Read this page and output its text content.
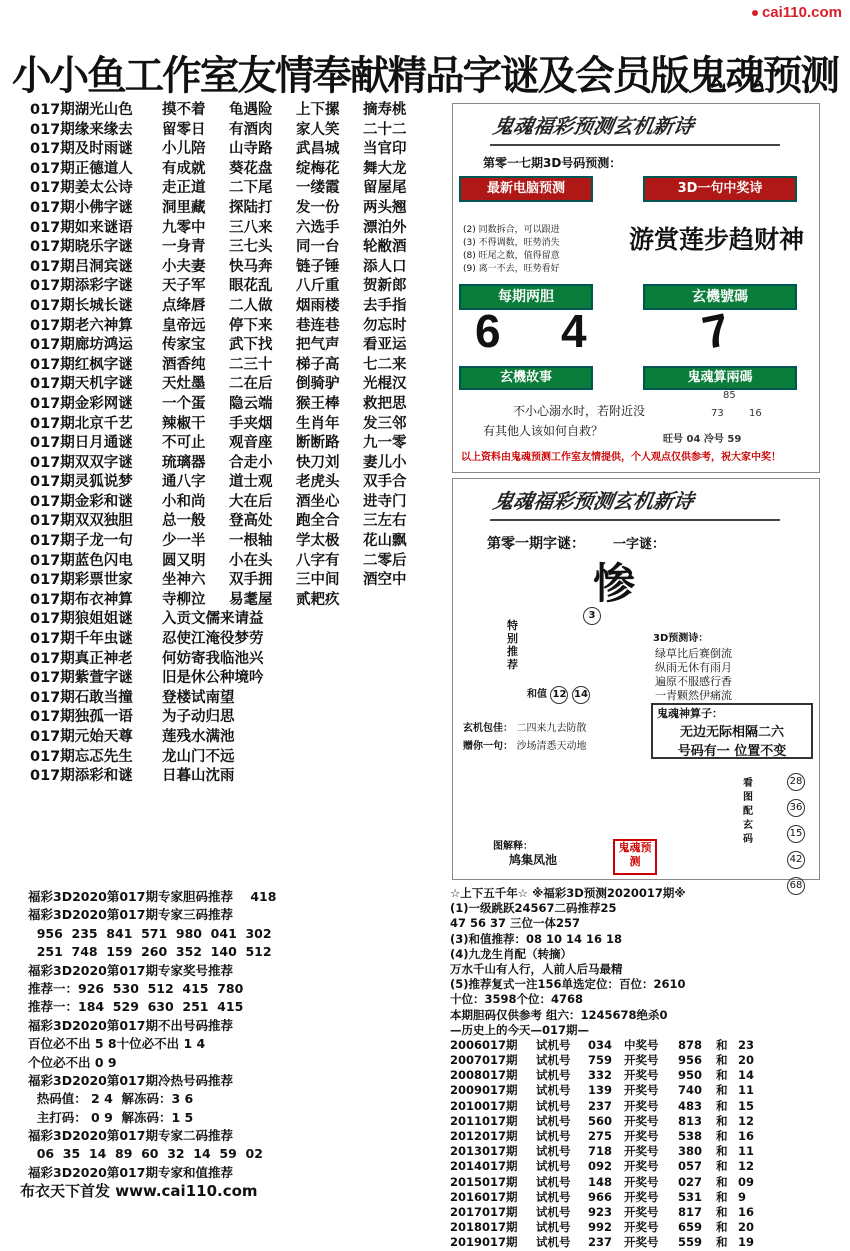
cai110.com
小小鱼工作室友情奉献精品字谜及会员版鬼魂预测
017期湖光山色	摸不着	龟遇险	上下摞	摘寿桃
017期缘来缘去	留零日	有酒肉	家人笑	二十二
017期及时雨谜	小儿陪	山寺路	武昌城	当官印
017期正德道人	有成就	葵花盘	绽梅花	舞大龙
017期姜太公诗	走正道	二下尾	一缕霞	留屋尾
017期小佛字谜	洞里藏	探陆打	发一份	两头翘
017期如来谜语	九零中	三八来	六选手	漂泊外
017期晓乐字谜	一身青	三七头	同一台	轮敝酒
017期吕洞宾谜	小夫妻	快马奔	链子锤	添人口
017期添彩字谜	天子军	眼花乱	八斤重	贺新郎
017期长城长谜	点绛唇	二人做	烟雨楼	去手指
017期老六神算	皇帝远	停下来	巷连巷	勿忘时
017期廊坊鸿运	传家宝	武下找	把气声	看亚运
017期红枫字谜	酒香纯	二三十	梯子高	七二来
017期天机字谜	天灶墨	二在后	倒骑驴	光棍汉
017期金彩网谜	一个蛋	隐云端	猴王棒	救把思
017期北京千艺	辣椒干	手夹烟	生肖年	发三邻
017期日月通谜	不可止	观音座	断断路	九一零
017期双双字谜	琉璃器	合走小	快刀刘	妻儿小
017期灵狐说梦	通八字	道士观	老虎头	双手合
017期金彩和谜	小和尚	大在后	酒坐心	进寺门
017期双双独胆	总一般	登高处	跑全合	三左右
017期子龙一句	少一半	一根轴	学太极	花山飘
017期蓝色闪电	圆又明	小在头	八字有	二零后
017期彩票世家	坐神六	双手拥	三中间	酒空中
017期布衣神算	寺柳泣	易耄屋	贰耙疚
017期狼姐姐谜	入贡文儒来请益
017期千年虫谜	忍使江淹役梦劳
017期真正神老	何妨寄我临池兴
017期紫萱字谜	旧是休公种境吟
017期石敢当撞	登楼试南望
017期独孤一语	为子动归思
017期元始天尊	莲残水满池
017期忘忑先生	龙山门不远
017期添彩和谜	日暮山沈雨
鬼魂福彩预测玄机新诗
第零一七期3D号码预测：
最新电脑预测	3D一句中奖诗
(2) 同数拆合，可以跟进
(3) 不得调数，旺势消失
(8) 旺尾之数，值得留意
(9) 离一不去，旺势看好
游赏莲步趋财神
每期两胆	玄機號碼
6 4 7
玄機故事	鬼魂算兩碼
不小心溺水时，若附近没
有其他人该如何自救？
85
73	16
旺号 04 冷号 59
以上资料由鬼魂预测工作室友情提供，个人观点仅供参考，祝大家中奖！
鬼魂福彩预测玄机新诗
第零一期字谜： 一字谜：
惨
特别推荐
3
和值 12 14
3D预测诗：
绿草比后赛倒流
纵雨无休有雨月
遍原不服感行香
一青颗然伊痛流
玄机包佳： 二四来九去防散
赠你一句： 沙场清悉天动地
鬼魂神算子：
无边无际相隔二六
号码有一 位置不变
看图配玄码
2836154268
图解释：
鸠集凤池
鬼魂预测
福彩3D2020第017期专家胆码推荐    418
福彩3D2020第017期专家三码推荐
956  235  841  571  980  041  302
251  748  159  260  352  140  512
福彩3D2020第017期专家奖号推荐
推荐一：926  530  512  415  780
推荐一：184  529  630  251  415
福彩3D2020第017期不出号码推荐
百位必不出 5 8十位必不出 1 4
个位必不出 0 9
福彩3D2020第017期冷热号码推荐
热码值： 2 4  解冻码：3 6
主打码： 0 9  解冻码：1 5
福彩3D2020第017期专家二码推荐
06  35  14  89  60  32  14  59  02
福彩3D2020第017期专家和值推荐
☆上下五千年☆ ※福彩3D预测2020017期※
(1)一级跳跃24567二码推荐25
47 56 37 三位一体257
(3)和值推荐：08 10 14 16 18
(4)九龙生肖配（转摘）
万水千山有人行，人前人后马最精
(5)推荐复式一注156单选定位：百位：2610
十位：3598个位：4768
本期胆码仅供参考 组六：1245678绝杀0
—历史上的今天—017期—
2006017期	试机号	034	中奖号	878	和 23
2007017期	试机号	759	开奖号	956	和 20
2008017期	试机号	332	开奖号	950	和 14
2009017期	试机号	139	开奖号	740	和 11
2010017期	试机号	237	开奖号	483	和 15
2011017期	试机号	560	开奖号	813	和 12
2012017期	试机号	275	开奖号	538	和 16
2013017期	试机号	718	开奖号	380	和 11
2014017期	试机号	092	开奖号	057	和 12
2015017期	试机号	148	开奖号	027	和 09
2016017期	试机号	966	开奖号	531	和 9
2017017期	试机号	923	开奖号	817	和 16
2018017期	试机号	992	开奖号	659	和 20
2019017期	试机号	237	开奖号	559	和 19
布衣天下首发 www.cai110.com
